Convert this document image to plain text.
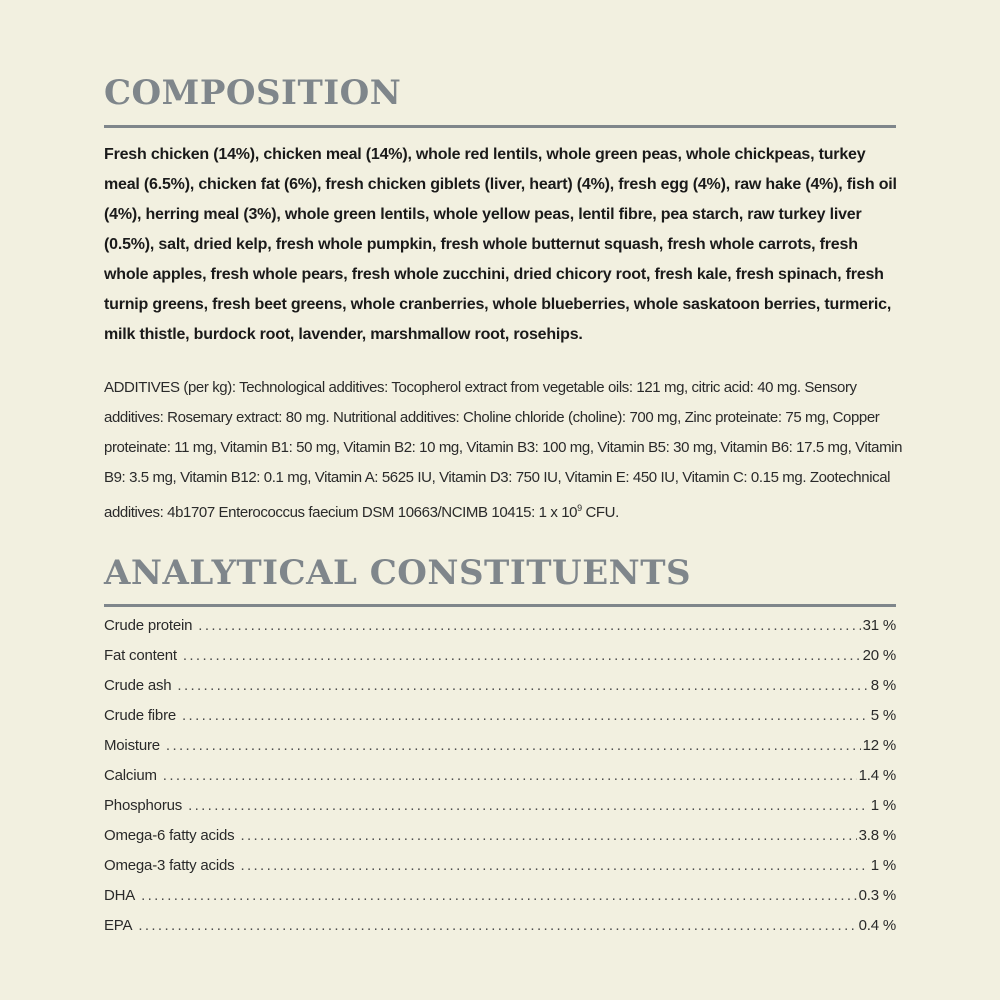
COMPOSITION

Fresh chicken (14%), chicken meal (14%), whole red lentils, whole green peas, whole chickpeas, turkey meal (6.5%), chicken fat (6%), fresh chicken giblets (liver, heart) (4%), fresh egg (4%), raw hake (4%), fish oil (4%), herring meal (3%), whole green lentils, whole yellow peas, lentil fibre, pea starch, raw turkey liver (0.5%), salt, dried kelp, fresh whole pumpkin, fresh whole butternut squash, fresh whole carrots, fresh whole apples, fresh whole pears, fresh whole zucchini, dried chicory root, fresh kale, fresh spinach, fresh turnip greens, fresh beet greens, whole cranberries, whole blueberries, whole saskatoon berries, turmeric, milk thistle, burdock root, lavender, marshmallow root, rosehips.

ADDITIVES (per kg): Technological additives: Tocopherol extract from vegetable oils: 121 mg, citric acid: 40 mg. Sensory additives: Rosemary extract: 80 mg. Nutritional additives: Choline chloride (choline): 700 mg, Zinc proteinate: 75 mg, Copper proteinate: 11 mg, Vitamin B1: 50 mg, Vitamin B2: 10 mg, Vitamin B3: 100 mg, Vitamin B5: 30 mg, Vitamin B6: 17.5 mg, Vitamin B9: 3.5 mg, Vitamin B12: 0.1 mg, Vitamin A: 5625 IU, Vitamin D3: 750 IU, Vitamin E: 450 IU, Vitamin C: 0.15 mg. Zootechnical additives: 4b1707 Enterococcus faecium DSM 10663/NCIMB 10415: 1 x $10^9$ CFU.

ANALYTICAL CONSTITUENTS
Crude protein . . .	31 %
Fat content . . .	20 %
Crude ash . . .	8 %
Crude fibre . . .	5 %
Moisture . . .	12 %
Calcium . . .	1.4 %
Phosphorus . . .	1 %
Omega-6 fatty acids . . .	3.8 %
Omega-3 fatty acids . . .	1 %
DHA . . .	0.3 %
EPA . . .	0.4 %
